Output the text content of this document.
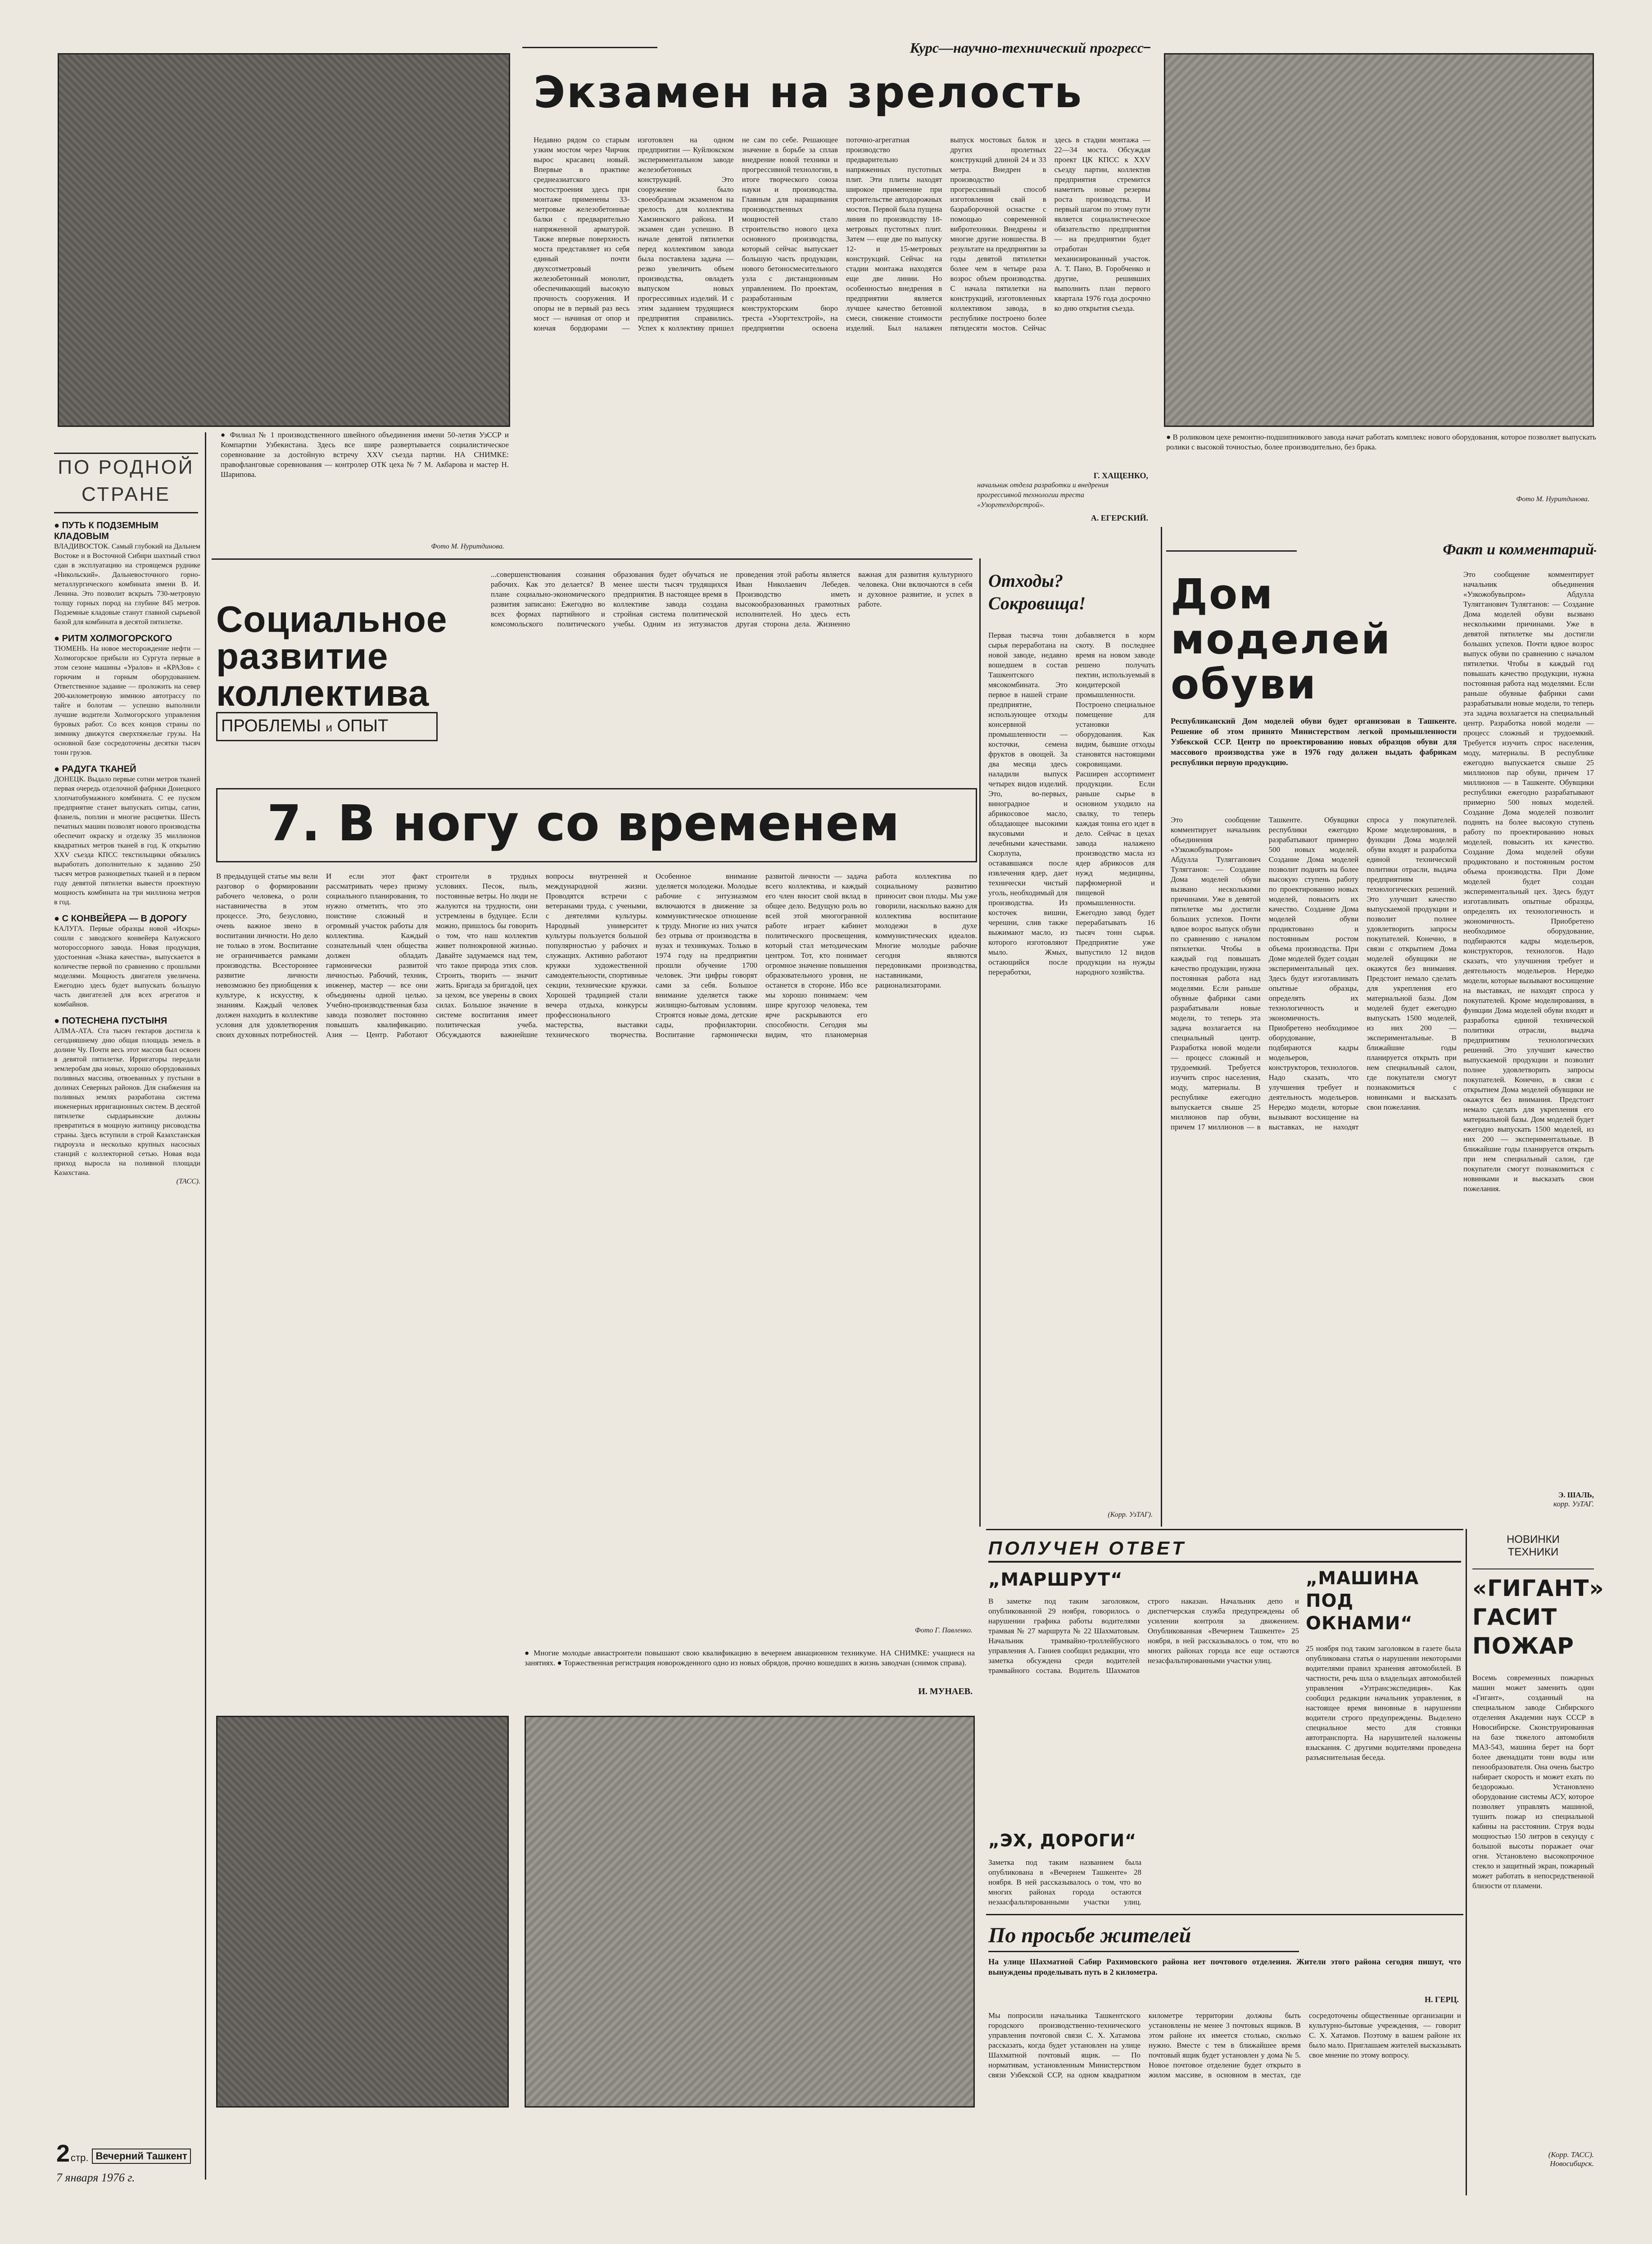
● Филиал № 1 производственного швейного объединения имени 50-летия УзССР и Компартии Узбекистана. Здесь все шире развертывается социалистическое соревнование за достойную встречу XXV съезда партии. НА СНИМКЕ: правофланговые соревнования — контролер ОТК цеха № 7 М. Акбарова и мастер Н. Шарипова.
Фото М. Нуритдинова.
Курс—научно-технический прогресс
Экзамен на зрелость
Недавно рядом со старым узким мостом через Чирчик вырос красавец новый. Впервые в практике среднеазиатского мостостроения здесь при монтаже применены 33-метровые железобетонные балки с предварительно напряженной арматурой. Также впервые поверхность моста представляет из себя единый почти двухсотметровый железобетонный монолит, обеспечивающий высокую прочность сооружения. И опоры не в первый раз весь мост — начиная от опор и кончая бордюрами — изготовлен на одном предприятии — Куйлюкском экспериментальном заводе железобетонных конструкций. Это сооружение было своеобразным экзаменом на зрелость для коллектива Хамзинского района. И экзамен сдан успешно. В начале девятой пятилетки перед коллективом завода была поставлена задача — резко увеличить объем производства, овладеть выпуском новых прогрессивных изделий. И с этим заданием трудящиеся предприятия справились. Успех к коллективу пришел не сам по себе. Решающее значение в борьбе за сплав внедрение новой техники и прогрессивной технологии, в итоге творческого союза науки и производства. Главным для наращивания производственных мощностей стало строительство нового цеха основного производства, который сейчас выпускает большую часть продукции, нового бетоносмесительного узла с дистанционным управлением. По проектам, разработанным конструкторским бюро треста «Узоргтехстрой», на предприятии освоена поточно-агрегатная производство предварительно напряженных пустотных плит. Эти плиты находят широкое применение при строительстве автодорожных мостов. Первой была пущена линия по производству 18-метровых пустотных плит. Затем — еще две по выпуску 12- и 15-метровых конструкций. Сейчас на стадии монтажа находятся еще две линии. Но особенностью внедрения в предприятии является лучшее качество бетонной смеси, снижение стоимости изделий. Был налажен выпуск мостовых балок и других пролетных конструкций длиной 24 и 33 метра. Внедрен в производство прогрессивный способ изготовления свай в базраборочной оснастке с помощью современной вибротехники. Внедрены и многие другие новшества. В результате на предприятии за годы девятой пятилетки более чем в четыре раза возрос объем производства. С начала пятилетки на конструкций, изготовленных коллективом завода, в республике построено более пятидесяти мостов. Сейчас здесь в стадии монтажа — 22—34 моста. Обсуждая проект ЦК КПСС к XXV съезду партии, коллектив предприятия стремится наметить новые резервы роста производства. И первый шагом по этому пути является социалистическое обязательство предприятия — на предприятии будет отработан механизированный участок. А. Т. Пано, В. Горобченко и другие, решивших выполнить план первого квартала 1976 года досрочно ко дню открытия съезда.
Г. ХАЩЕНКО,
начальник отдела разработки и внедрения прогрессивной технологии треста «Узоргтехдорстрой».
А. ЕГЕРСКИЙ.
● В роликовом цехе ремонтно-подшипникового завода начат работать комплекс нового оборудования, которое позволяет выпускать ролики с высокой точностью, более производительно, без брака.
Фото М. Нуритдинова.
ПО РОДНОЙ СТРАНЕ
● ПУТЬ К ПОДЗЕМНЫМ КЛАДОВЫМ
ВЛАДИВОСТОК. Самый глубокий на Дальнем Востоке и в Восточной Сибири шахтный ствол сдан в эксплуатацию на строящемся руднике «Никольский». Дальневосточного горно-металлургического комбината имени В. И. Ленина. Это позволит вскрыть 730-метровую толщу горных пород на глубине 845 метров. Подземные кладовые станут главной сырьевой базой для комбината в десятой пятилетке.
● РИТМ ХОЛМОГОРСКОГО
ТЮМЕНЬ. На новое месторождение нефти — Холмогорское прибыли из Сургута первые в этом сезоне машины «Уралов» и «КРАЗов» с горючим и горным оборудованием. Ответственное задание — проложить на север 200-километровую зимнюю автотрассу по тайге и болотам — успешно выполнили лучшие водители Холмогорского управления буровых работ. Со всех концов страны по зимнику движутся сверхтяжелые грузы. На основной базе сосредоточены десятки тысяч тонн грузов.
● РАДУГА ТКАНЕЙ
ДОНЕЦК. Выдало первые сотни метров тканей первая очередь отделочной фабрики Донецкого хлопчатобумажного комбината. С ее пуском предприятие станет выпускать ситцы, сатин, фланель, поплин и многие расцветки. Шесть печатных машин позволят нового производства обеспечит окраску и отделку 35 миллионов квадратных метров тканей в год. К открытию XXV съезда КПСС текстильщики обязались выработать дополнительно к заданию 250 тысяч метров разноцветных тканей и в первом году девятой пятилетки вывести проектную мощность комбината на три миллиона метров в год.
● С КОНВЕЙЕРА — В ДОРОГУ
КАЛУГА. Первые образцы новой «Искры» сошли с заводского конвейера Калужского мотороссорного завода. Новая продукция, удостоенная «Знака качества», выпускается в количестве первой по сравнению с прошлыми моделями. Мощность двигателя увеличена. Ежегодно здесь будет выпускать большую часть двигателей для всех агрегатов и комбайнов.
● ПОТЕСНЕНА ПУСТЫНЯ
АЛМА-АТА. Ста тысяч гектаров достигла к сегодняшнему дню общая площадь земель в долине Чу. Почти весь этот массив был освоен в девятой пятилетке. Ирригаторы передали землеробам два новых, хорошо оборудованных поливных массива, отвоеванных у пустыни в долинах Северных районов. Для снабжения на поливных землях разработана система инженерных ирригационных систем. В десятой пятилетке сырдарьинские должны превратиться в мощную житницу рисоводства страны. Здесь вступили в строй Казахстанская гидроузла и несколько крупных насосных станций с коллекторной сетью. Новая вода приход выросла на поливной площади Казахстана.
(ТАСС).
Социальное
развитие
коллектива
ПРОБЛЕМЫ и ОПЫТ
...совершенствования сознания рабочих. Как это делается? В плане социально-экономического развития записано: Ежегодно во всех формах партийного и комсомольского политического образования будет обучаться не менее шести тысяч трудящихся предприятия. В настоящее время в коллективе завода создана стройная система политической учебы. Одним из энтузиастов проведения этой работы является Иван Николаевич Лебедев. Производство иметь высокообразованных грамотных исполнителей. Но здесь есть другая сторона дела. Жизненно важная для развития культурного человека. Они включаются в себя и духовное развитие, и успех в работе.
7. В ногу со временем
В предыдущей статье мы вели разговор о формировании рабочего человека, о роли наставничества в этом процессе. Это, безусловно, очень важное звено в воспитании личности. Но дело не только в этом. Воспитание не ограничивается рамками производства. Всестороннее развитие личности невозможно без приобщения к культуре, к искусству, к знаниям. Каждый человек должен находить в коллективе условия для удовлетворения своих духовных потребностей. И если этот факт рассматривать через призму социального планирования, то нужно отметить, что это поистине сложный и огромный участок работы для коллектива. Каждый сознательный член общества должен обладать гармонически развитой личностью. Рабочий, техник, инженер, мастер — все они объединены одной целью. Учебно-производственная база завода позволяет постоянно повышать квалификацию. Азия — Центр. Работают строители в трудных условиях. Песок, пыль, постоянные ветры. Но люди не жалуются на трудности, они устремлены в будущее. Если можно, пришлось бы говорить о том, что наш коллектив живет полнокровной жизнью. Давайте задумаемся над тем, что такое природа этих слов. Строить, творить — значит жить. Бригада за бригадой, цех за цехом, все уверены в своих силах. Большое значение в системе воспитания имеет политическая учеба. Обсуждаются важнейшие вопросы внутренней и международной жизни. Проводятся встречи с ветеранами труда, с учеными, с деятелями культуры. Народный университет культуры пользуется большой популярностью у рабочих и служащих. Активно работают кружки художественной самодеятельности, спортивные секции, технические кружки. Хорошей традицией стали вечера отдыха, конкурсы профессионального мастерства, выставки технического творчества. Особенное внимание уделяется молодежи. Молодые рабочие с энтузиазмом включаются в движение за коммунистическое отношение к труду. Многие из них учатся без отрыва от производства в вузах и техникумах. Только в 1974 году на предприятии прошли обучение 1700 человек. Эти цифры говорят сами за себя. Большое внимание уделяется также жилищно-бытовым условиям. Строятся новые дома, детские сады, профилактории. Воспитание гармонически развитой личности — задача всего коллектива, и каждый его член вносит свой вклад в общее дело. Ведущую роль во всей этой многогранной работе играет кабинет политического просвещения, который стал методическим центром. Тот, кто понимает огромное значение повышения образовательного уровня, не останется в стороне. Ибо все мы хорошо понимаем: чем шире кругозор человека, тем ярче раскрываются его способности. Сегодня мы видим, что планомерная работа коллектива по социальному развитию приносит свои плоды. Мы уже говорили, насколько важно для коллектива воспитание молодежи в духе коммунистических идеалов. Многие молодые рабочие сегодня являются передовиками производства, наставниками, рационализаторами.
И. МУНАЕВ.
● Многие молодые авиастроители повышают свою квалификацию в вечернем авиационном техникуме. НА СНИМКЕ: учащиеся на занятиях. ● Торжественная регистрация новорожденного одно из новых обрядов, прочно вошедших в жизнь заводчан (снимок справа).
Фото Г. Павленко.
Отходы?
Сокровища!
Первая тысяча тонн сырья переработана на новой заводе, недавно вошедшем в состав Ташкентского мясокомбината. Это первое в нашей стране предприятие, использующее отходы консервной промышленности — косточки, семена фруктов в овощей. За два месяца здесь наладили выпуск четырех видов изделий. Это, во-первых, виноградное и абрикосовое масло, обладающее высокими вкусовыми и лечебными качествами. Скорлупа, остававшаяся после извлечения ядер, дает технически чистый уголь, необходимый для производства. Из косточек вишни, черешни, слив также выжимают масло, из которого изготовляют мыло. Жмых, остающийся после переработки, добавляется в корм скоту. В последнее время на новом заводе решено получать пектин, используемый в кондитерской промышленности. Построено специальное помещение для установки оборудования. Как видим, бывшие отходы становятся настоящими сокровищами. Расширен ассортимент продукции. Если раньше сырье в основном уходило на свалку, то теперь каждая тонна его идет в дело. Сейчас в цехах завода налажено производство масла из ядер абрикосов для нужд медицины, парфюмерной и пищевой промышленности. Ежегодно завод будет перерабатывать 16 тысяч тонн сырья. Предприятие уже выпустило 12 видов продукции на нужды народного хозяйства.
(Корр. УзТАГ).
Факт и комментарий
Дом
моделей
обуви
Республиканский Дом моделей обуви будет организован в Ташкенте. Решение об этом принято Министерством легкой промышленности Узбекской ССР. Центр по проектированию новых образцов обуви для массового производства уже в 1976 году должен выдать фабрикам республики первую продукцию.
Это сообщение комментирует начальник объединения «Узкожобувьпром» Абдулла Тулягганович Тулягганов: — Создание Дома моделей обуви вызвано несколькими причинами. Уже в девятой пятилетке мы достигли больших успехов. Почти вдвое возрос выпуск обуви по сравнению с началом пятилетки. Чтобы в каждый год повышать качество продукции, нужна постоянная работа над моделями. Если раньше обувные фабрики сами разрабатывали новые модели, то теперь эта задача возлагается на специальный центр. Разработка новой модели — процесс сложный и трудоемкий. Требуется изучить спрос населения, моду, материалы. В республике ежегодно выпускается свыше 25 миллионов пар обуви, причем 17 миллионов — в Ташкенте. Обувщики республики ежегодно разрабатывают примерно 500 новых моделей. Создание Дома моделей позволит поднять на более высокую ступень работу по проектированию новых моделей, повысить их качество. Создание Дома моделей обуви продиктовано и постоянным ростом объема производства. При Доме моделей будет создан экспериментальный цех. Здесь будут изготавливать опытные образцы, определять их технологичность и экономичность. Приобретено необходимое оборудование, подбираются кадры модельеров, конструкторов, технологов. Надо сказать, что улучшения требует и деятельность модельеров. Нередко модели, которые вызывают восхищение на выставках, не находят спроса у покупателей. Кроме моделирования, в функции Дома моделей обуви входят и разработка единой технической политики отрасли, выдача предприятиям технологических решений. Это улучшит качество выпускаемой продукции и позволит полнее удовлетворить запросы покупателей. Конечно, в связи с открытием Дома моделей обувщики не окажутся без внимания. Предстоит немало сделать для укрепления его материальной базы. Дом моделей будет ежегодно выпускать 1500 моделей, из них 200 — экспериментальные. В ближайшие годы планируется открыть при нем специальный салон, где покупатели смогут познакомиться с новинками и высказать свои пожелания.
Это сообщение комментирует начальник объединения «Узкожобувьпром» Абдулла Тулягганович Тулягганов: — Создание Дома моделей обуви вызвано несколькими причинами. Уже в девятой пятилетке мы достигли больших успехов. Почти вдвое возрос выпуск обуви по сравнению с началом пятилетки. Чтобы в каждый год повышать качество продукции, нужна постоянная работа над моделями. Если раньше обувные фабрики сами разрабатывали новые модели, то теперь эта задача возлагается на специальный центр. Разработка новой модели — процесс сложный и трудоемкий. Требуется изучить спрос населения, моду, материалы. В республике ежегодно выпускается свыше 25 миллионов пар обуви, причем 17 миллионов — в Ташкенте. Обувщики республики ежегодно разрабатывают примерно 500 новых моделей. Создание Дома моделей позволит поднять на более высокую ступень работу по проектированию новых моделей, повысить их качество. Создание Дома моделей обуви продиктовано и постоянным ростом объема производства. При Доме моделей будет создан экспериментальный цех. Здесь будут изготавливать опытные образцы, определять их технологичность и экономичность. Приобретено необходимое оборудование, подбираются кадры модельеров, конструкторов, технологов. Надо сказать, что улучшения требует и деятельность модельеров. Нередко модели, которые вызывают восхищение на выставках, не находят спроса у покупателей. Кроме моделирования, в функции Дома моделей обуви входят и разработка единой технической политики отрасли, выдача предприятиям технологических решений. Это улучшит качество выпускаемой продукции и позволит полнее удовлетворить запросы покупателей. Конечно, в связи с открытием Дома моделей обувщики не окажутся без внимания. Предстоит немало сделать для укрепления его материальной базы. Дом моделей будет ежегодно выпускать 1500 моделей, из них 200 — экспериментальные. В ближайшие годы планируется открыть при нем специальный салон, где покупатели смогут познакомиться с новинками и высказать свои пожелания.
Э. ШАЛЬ,
корр. УзТАГ.
ПОЛУЧЕН ОТВЕТ
„МАРШРУТ“
В заметке под таким заголовком, опубликованной 29 ноября, говорилось о нарушении графика работы водителями трамвая № 27 маршрута № 22 Шахматовым. Начальник трамвайно-троллейбусного управления А. Ганиев сообщил редакции, что заметка обсуждена среди водителей трамвайного состава. Водитель Шахматов строго наказан. Начальник депо и диспетчерская служба предупреждены об усилении контроля за движением. Опубликованная «Вечернем Ташкенте» 25 ноября, в ней рассказывалось о том, что во многих районах города все еще остаются незасфальтированными участки улиц.
„ЭХ, ДОРОГИ“
Заметка под таким названием была опубликована в «Вечернем Ташкенте» 28 ноября. В ней рассказывалось о том, что во многих районах города остаются незаасфальтированными участки улиц.
„МАШИНА ПОД ОКНАМИ“
25 ноября под таким заголовком в газете была опубликована статья о нарушении некоторыми водителями правил хранения автомобилей. В частности, речь шла о владельцах автомобилей управления «Узтрансэкспедиция». Как сообщил редакции начальник управления, в настоящее время виновные в нарушении водители строго предупреждены. Выделено специальное место для стоянки автотранспорта. На нарушителей наложены взыскания. С другими водителями проведена разъяснительная беседа.
По просьбе жителей
На улице Шахматной Сабир Рахимовского района нет почтового отделения. Жители этого района сегодня пишут, что вынуждены проделывать путь в 2 километра.
Н. ГЕРЦ.
Мы попросили начальника Ташкентского городского производственно-технического управления почтовой связи С. Х. Хатамова рассказать, когда будет установлен на улице Шахматной почтовый ящик. — По нормативам, установленным Министерством связи Узбекской ССР, на одном квадратном километре территории должны быть установлены не менее 3 почтовых ящиков. В этом районе их имеется столько, сколько нужно. Вместе с тем в ближайшее время почтовый ящик будет установлен у дома № 5. Новое почтовое отделение будет открыто в жилом массиве, в основном в местах, где сосредоточены общественные организации и культурно-бытовые учреждения, — говорит С. Х. Хатамов. Поэтому в вашем районе их было мало. Приглашаем жителей высказывать свое мнение по этому вопросу.
НОВИНКИ
ТЕХНИКИ
«ГИГАНТ»
ГАСИТ
ПОЖАР
Восемь современных пожарных машин может заменить один «Гигант», созданный на специальном заводе Сибирского отделения Академии наук СССР в Новосибирске. Сконструированная на базе тяжелого автомобиля МАЗ-543, машина берет на борт более двенадцати тонн воды или пенообразователя. Она очень быстро набирает скорость и может ехать по бездорожью. Установлено оборудование системы АСУ, которое позволяет управлять машиной, тушить пожар из специальной кабины на расстоянии. Струя воды мощностью 150 литров в секунду с большой высоты поражает очаг огня. Установлено высокопрочное стекло и защитный экран, пожарный может работать в непосредственной близости от пламени.
(Корр. ТАСС).
Новосибирск.
2 стр. Вечерний Ташкент
7 января 1976 г.
